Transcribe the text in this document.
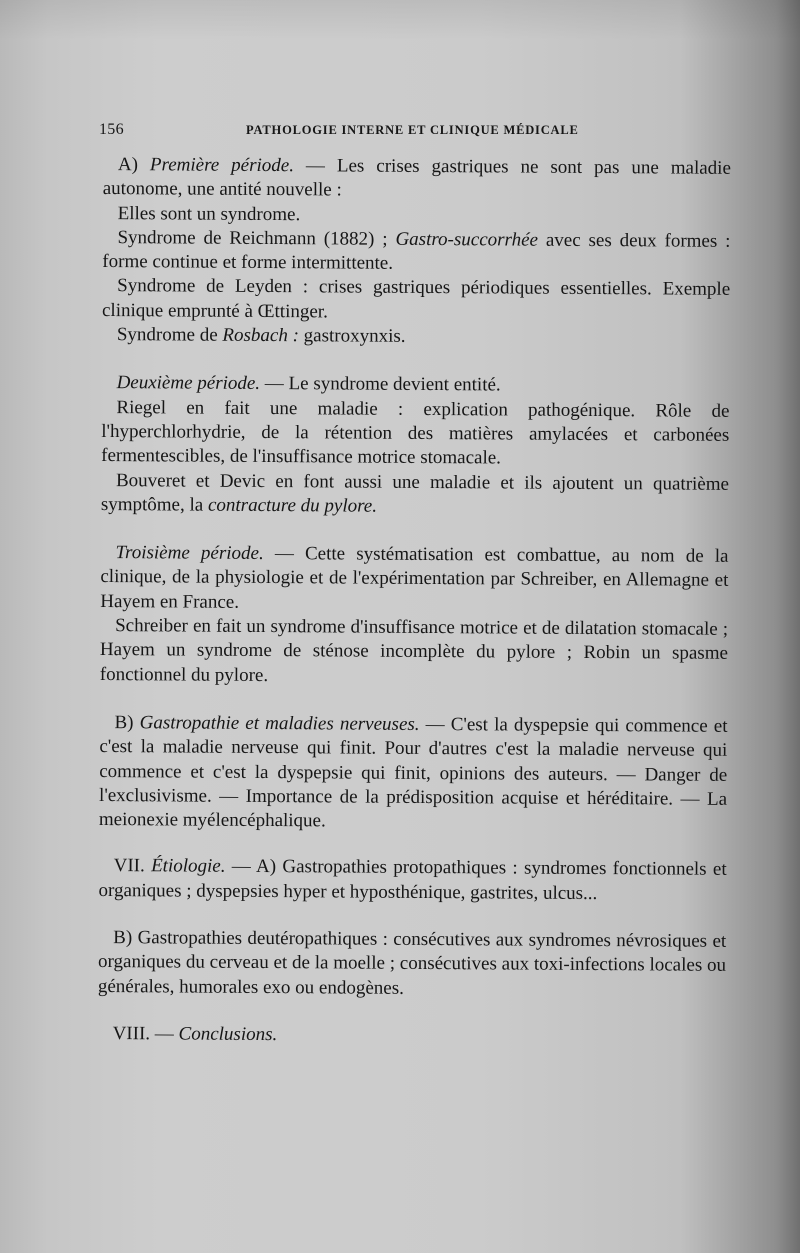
156	PATHOLOGIE INTERNE ET CLINIQUE MÉDICALE

A) Première période. — Les crises gastriques ne sont pas une maladie autonome, une antité nouvelle :

Elles sont un syndrome.

Syndrome de Reichmann (1882) ; Gastro-succorrhée avec ses deux formes : forme continue et forme intermittente.

Syndrome de Leyden : crises gastriques périodiques essentielles. Exemple clinique emprunté à Œttinger.

Syndrome de Rosbach : gastroxynxis.

Deuxième période. — Le syndrome devient entité.

Riegel en fait une maladie : explication pathogénique. Rôle de l'hyperchlorhydrie, de la rétention des matières amylacées et carbonées fermentescibles, de l'insuffisance motrice stomacale.

Bouveret et Devic en font aussi une maladie et ils ajoutent un quatrième symptôme, la contracture du pylore.

Troisième période. — Cette systématisation est combattue, au nom de la clinique, de la physiologie et de l'expérimentation par Schreiber, en Allemagne et Hayem en France.

Schreiber en fait un syndrome d'insuffisance motrice et de dilatation stomacale ; Hayem un syndrome de sténose incomplète du pylore ; Robin un spasme fonctionnel du pylore.

B) Gastropathie et maladies nerveuses. — C'est la dyspepsie qui commence et c'est la maladie nerveuse qui finit. Pour d'autres c'est la maladie nerveuse qui commence et c'est la dyspepsie qui finit, opinions des auteurs. — Danger de l'exclusivisme. — Importance de la prédisposition acquise et héréditaire. — La meionexie myélencéphalique.

VII. Étiologie. — A) Gastropathies protopathiques : syndromes fonctionnels et organiques ; dyspepsies hyper et hyposthénique, gastrites, ulcus...

B) Gastropathies deutéropathiques : consécutives aux syndromes névrosiques et organiques du cerveau et de la moelle ; consécutives aux toxi-infections locales ou générales, humorales exo ou endogènes.

VIII. — Conclusions.
